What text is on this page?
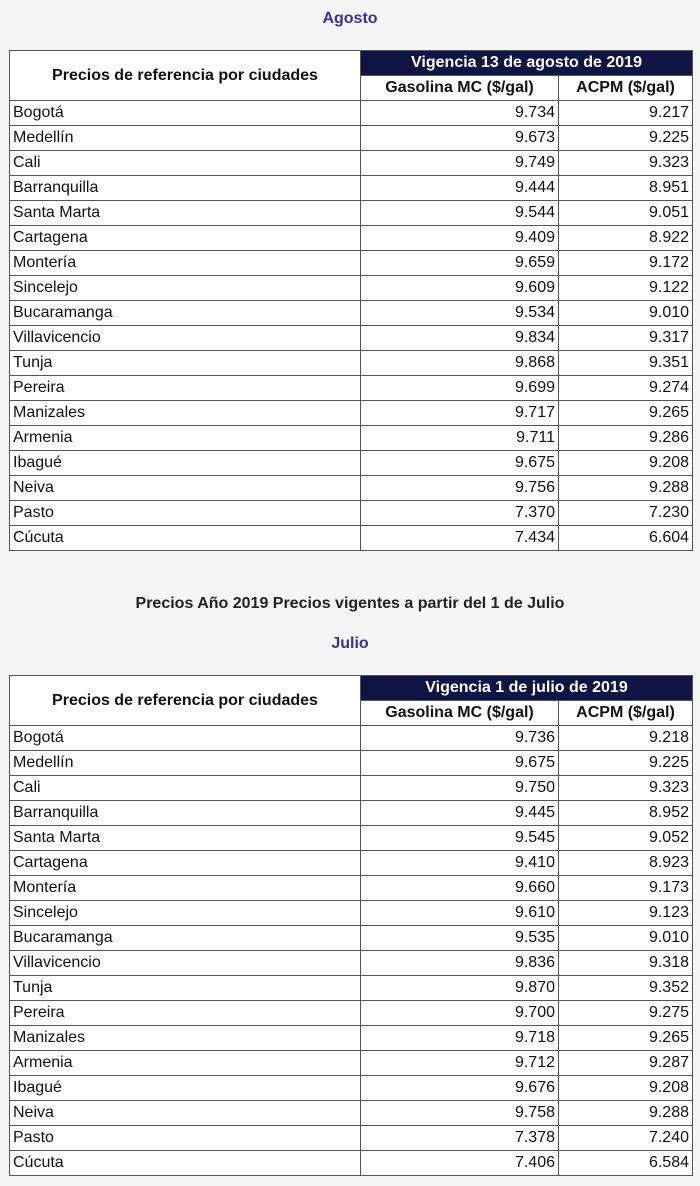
Agosto
Precios de referencia por ciudades	Vigencia 13 de agosto de 2019	
	Gasolina MC ($/gal)	ACPM ($/gal)
Bogotá	9.734	9.217
Medellín	9.673	9.225
Cali	9.749	9.323
Barranquilla	9.444	8.951
Santa Marta	9.544	9.051
Cartagena	9.409	8.922
Montería	9.659	9.172
Sincelejo	9.609	9.122
Bucaramanga	9.534	9.010
Villavicencio	9.834	9.317
Tunja	9.868	9.351
Pereira	9.699	9.274
Manizales	9.717	9.265
Armenia	9.711	9.286
Ibagué	9.675	9.208
Neiva	9.756	9.288
Pasto	7.370	7.230
Cúcuta	7.434	6.604
Precios Año 2019 Precios vigentes a partir del 1 de Julio
Julio
Precios de referencia por ciudades	Vigencia 1 de julio de 2019	
	Gasolina MC ($/gal)	ACPM ($/gal)
Bogotá	9.736	9.218
Medellín	9.675	9.225
Cali	9.750	9.323
Barranquilla	9.445	8.952
Santa Marta	9.545	9.052
Cartagena	9.410	8.923
Montería	9.660	9.173
Sincelejo	9.610	9.123
Bucaramanga	9.535	9.010
Villavicencio	9.836	9.318
Tunja	9.870	9.352
Pereira	9.700	9.275
Manizales	9.718	9.265
Armenia	9.712	9.287
Ibagué	9.676	9.208
Neiva	9.758	9.288
Pasto	7.378	7.240
Cúcuta	7.406	6.584
